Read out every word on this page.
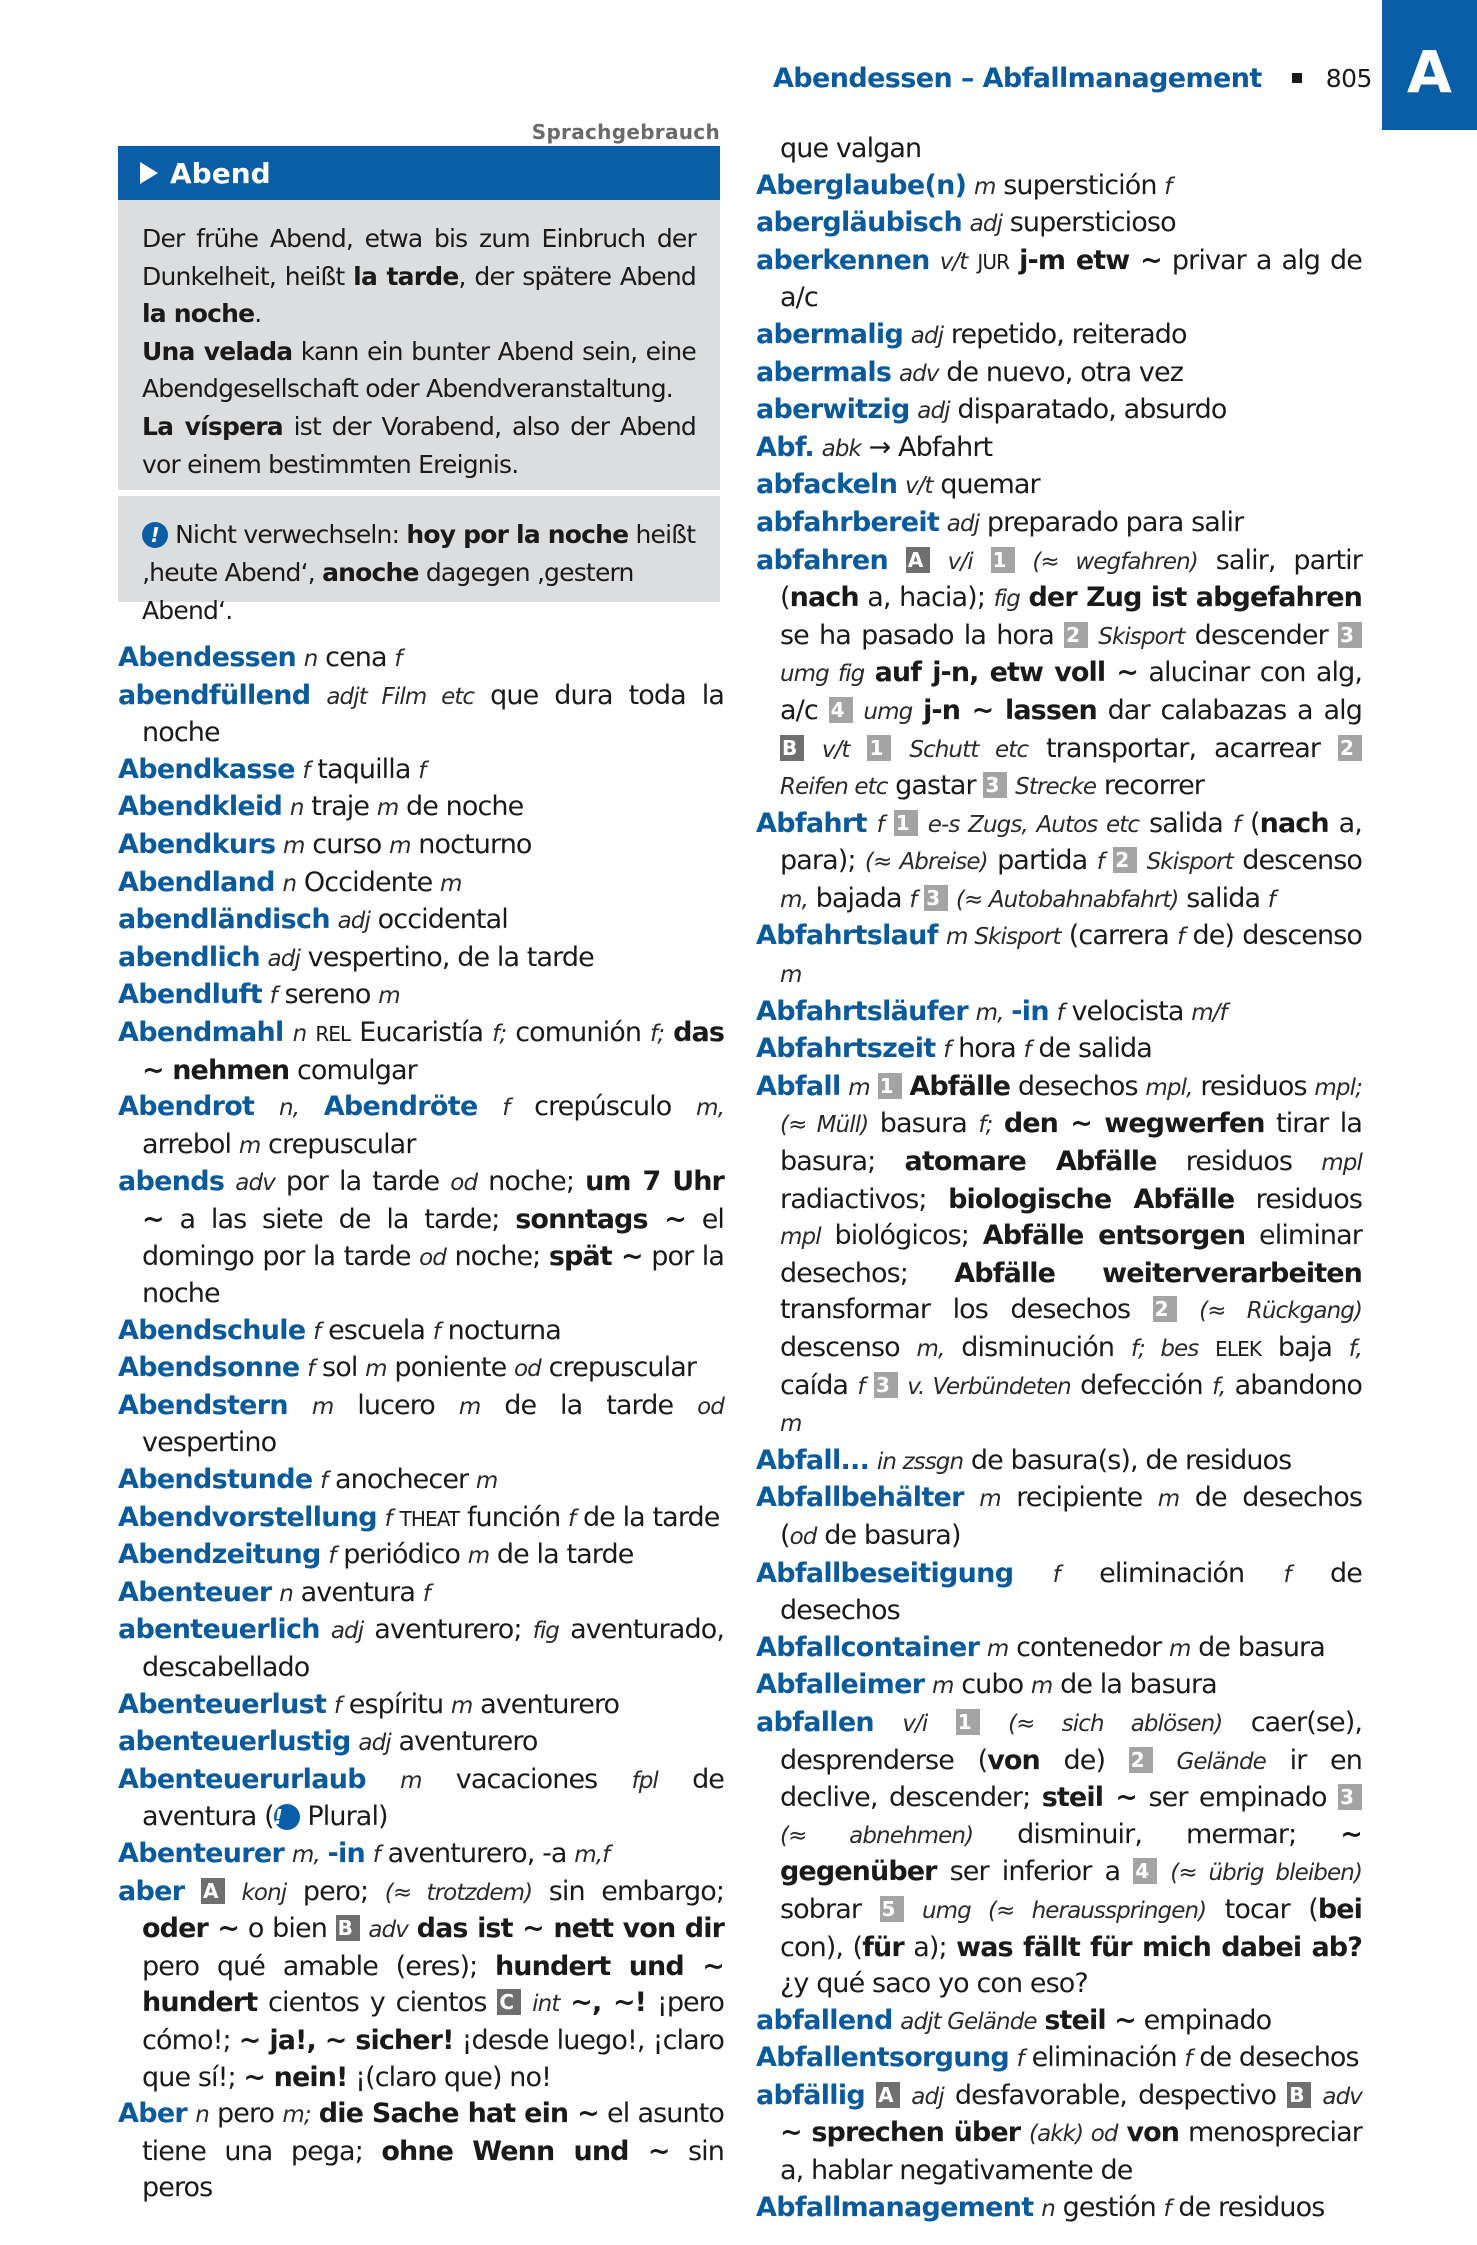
Abendessen – Abfallmanagement	805 A
Sprachgebrauch
Abend
Der frühe Abend, etwa bis zum Einbruch der Dunkelheit, heißt la tarde, der spätere Abend la noche.
Una velada kann ein bunter Abend sein, eine Abendgesellschaft oder Abendveranstaltung.
La víspera ist der Vorabend, also der Abend vor einem bestimmten Ereignis.
! Nicht verwechseln: hoy por la noche heißt ‚heute Abend‘, anoche dagegen ‚gestern Abend‘.
Abendessen n cena f
abendfüllend adjt Film etc que dura toda la noche
Abendkasse f taquilla f
Abendkleid n traje m de noche
Abendkurs m curso m nocturno
Abendland n Occidente m
abendländisch adj occidental
abendlich adj vespertino, de la tarde
Abendluft f sereno m
Abendmahl n REL Eucaristía f; comunión f; das ~ nehmen comulgar
Abendrot n, Abendröte f crepúsculo m, arrebol m crepuscular
abends adv por la tarde od noche; um 7 Uhr ~ a las siete de la tarde; sonntags ~ el domingo por la tarde od noche; spät ~ por la noche
Abendschule f escuela f nocturna
Abendsonne f sol m poniente od crepuscular
Abendstern m lucero m de la tarde od vespertino
Abendstunde f anochecer m
Abendvorstellung f THEAT función f de la tarde
Abendzeitung f periódico m de la tarde
Abenteuer n aventura f
abenteuerlich adj aventurero; fig aventurado, descabellado
Abenteuerlust f espíritu m aventurero
abenteuerlustig adj aventurero
Abenteuerurlaub m vacaciones fpl de aventura (! Plural)
Abenteurer m, -in f aventurero, -a m,f
aber A konj pero; (≈ trotzdem) sin embargo; oder ~ o bien B adv das ist ~ nett von dir pero qué amable (eres); hundert und ~ hundert cientos y cientos C int ~, ~! ¡pero cómo!; ~ ja!, ~ sicher! ¡desde luego!, ¡claro que sí!; ~ nein! ¡(claro que) no!
Aber n pero m; die Sache hat ein ~ el asunto tiene una pega; ohne Wenn und ~ sin peros
que valgan
Aberglaube(n) m superstición f
abergläubisch adj supersticioso
aberkennen v/t JUR j-m etw ~ privar a alg de a/c
abermalig adj repetido, reiterado
abermals adv de nuevo, otra vez
aberwitzig adj disparatado, absurdo
Abf. abk → Abfahrt
abfackeln v/t quemar
abfahrbereit adj preparado para salir
abfahren A v/i 1 (≈ wegfahren) salir, partir (nach a, hacia); fig der Zug ist abgefahren se ha pasado la hora 2 Skisport descender 3 umg fig auf j-n, etw voll ~ alucinar con alg, a/c 4 umg j-n ~ lassen dar calabazas a alg B v/t 1 Schutt etc transportar, acarrear 2 Reifen etc gastar 3 Strecke recorrer
Abfahrt f 1 e-s Zugs, Autos etc salida f (nach a, para); (≈ Abreise) partida f 2 Skisport descenso m, bajada f 3 (≈ Autobahnabfahrt) salida f
Abfahrtslauf m Skisport (carrera f de) descenso m
Abfahrtsläufer m, -in f velocista m/f
Abfahrtszeit f hora f de salida
Abfall m 1 Abfälle desechos mpl, residuos mpl; (≈ Müll) basura f; den ~ wegwerfen tirar la basura; atomare Abfälle residuos mpl radiactivos; biologische Abfälle residuos mpl biológicos; Abfälle entsorgen eliminar desechos; Abfälle weiterverarbeiten transformar los desechos 2 (≈ Rückgang) descenso m, disminución f; bes ELEK baja f, caída f 3 v. Verbündeten defección f, abandono m
Abfall... in zssgn de basura(s), de residuos
Abfallbehälter m recipiente m de desechos (od de basura)
Abfallbeseitigung f eliminación f de desechos
Abfallcontainer m contenedor m de basura
Abfalleimer m cubo m de la basura
abfallen v/i 1 (≈ sich ablösen) caer(se), desprenderse (von de) 2 Gelände ir en declive, descender; steil ~ ser empinado 3 (≈ abnehmen) disminuir, mermar; ~ gegenüber ser inferior a 4 (≈ übrig bleiben) sobrar 5 umg (≈ herausspringen) tocar (bei con), (für a); was fällt für mich dabei ab? ¿y qué saco yo con eso?
abfallend adjt Gelände steil ~ empinado
Abfallentsorgung f eliminación f de desechos
abfällig A adj desfavorable, despectivo B adv ~ sprechen über (akk) od von menospreciar a, hablar negativamente de
Abfallmanagement n gestión f de residuos
